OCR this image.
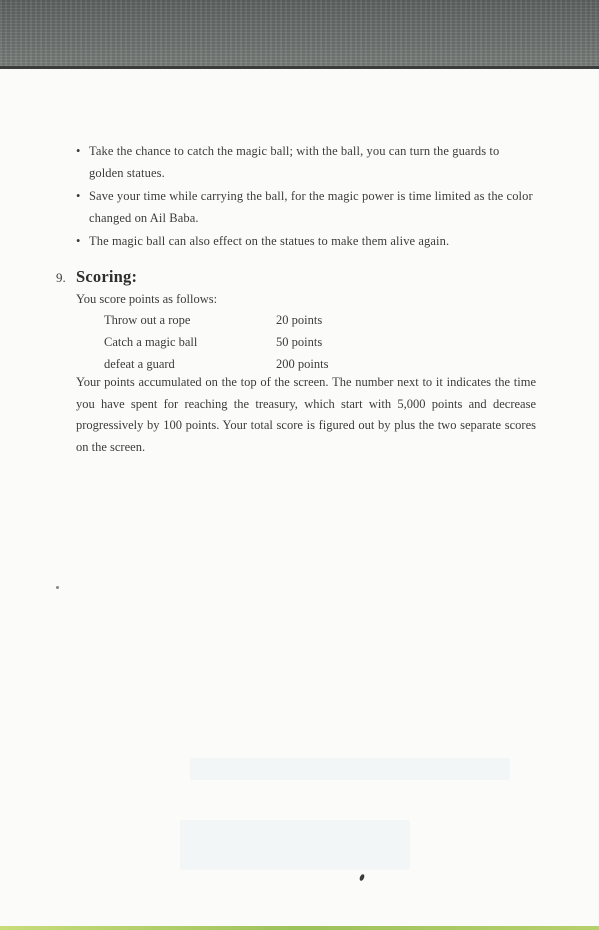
• Take the chance to catch the magic ball; with the ball, you can turn the guards to golden statues.
• Save your time while carrying the ball, for the magic power is time limited as the color changed on Ail Baba.
• The magic ball can also effect on the statues to make them alive again.
9. Scoring:
You score points as follows:
Throw out a rope	20 points
Catch a magic ball	50 points
defeat a guard	200 points

Your points accumulated on the top of the screen. The number next to it indicates the time you have spent for reaching the treasury, which start with 5,000 points and decrease progressively by 100 points. Your total score is figured out by plus the two separate scores on the screen.
